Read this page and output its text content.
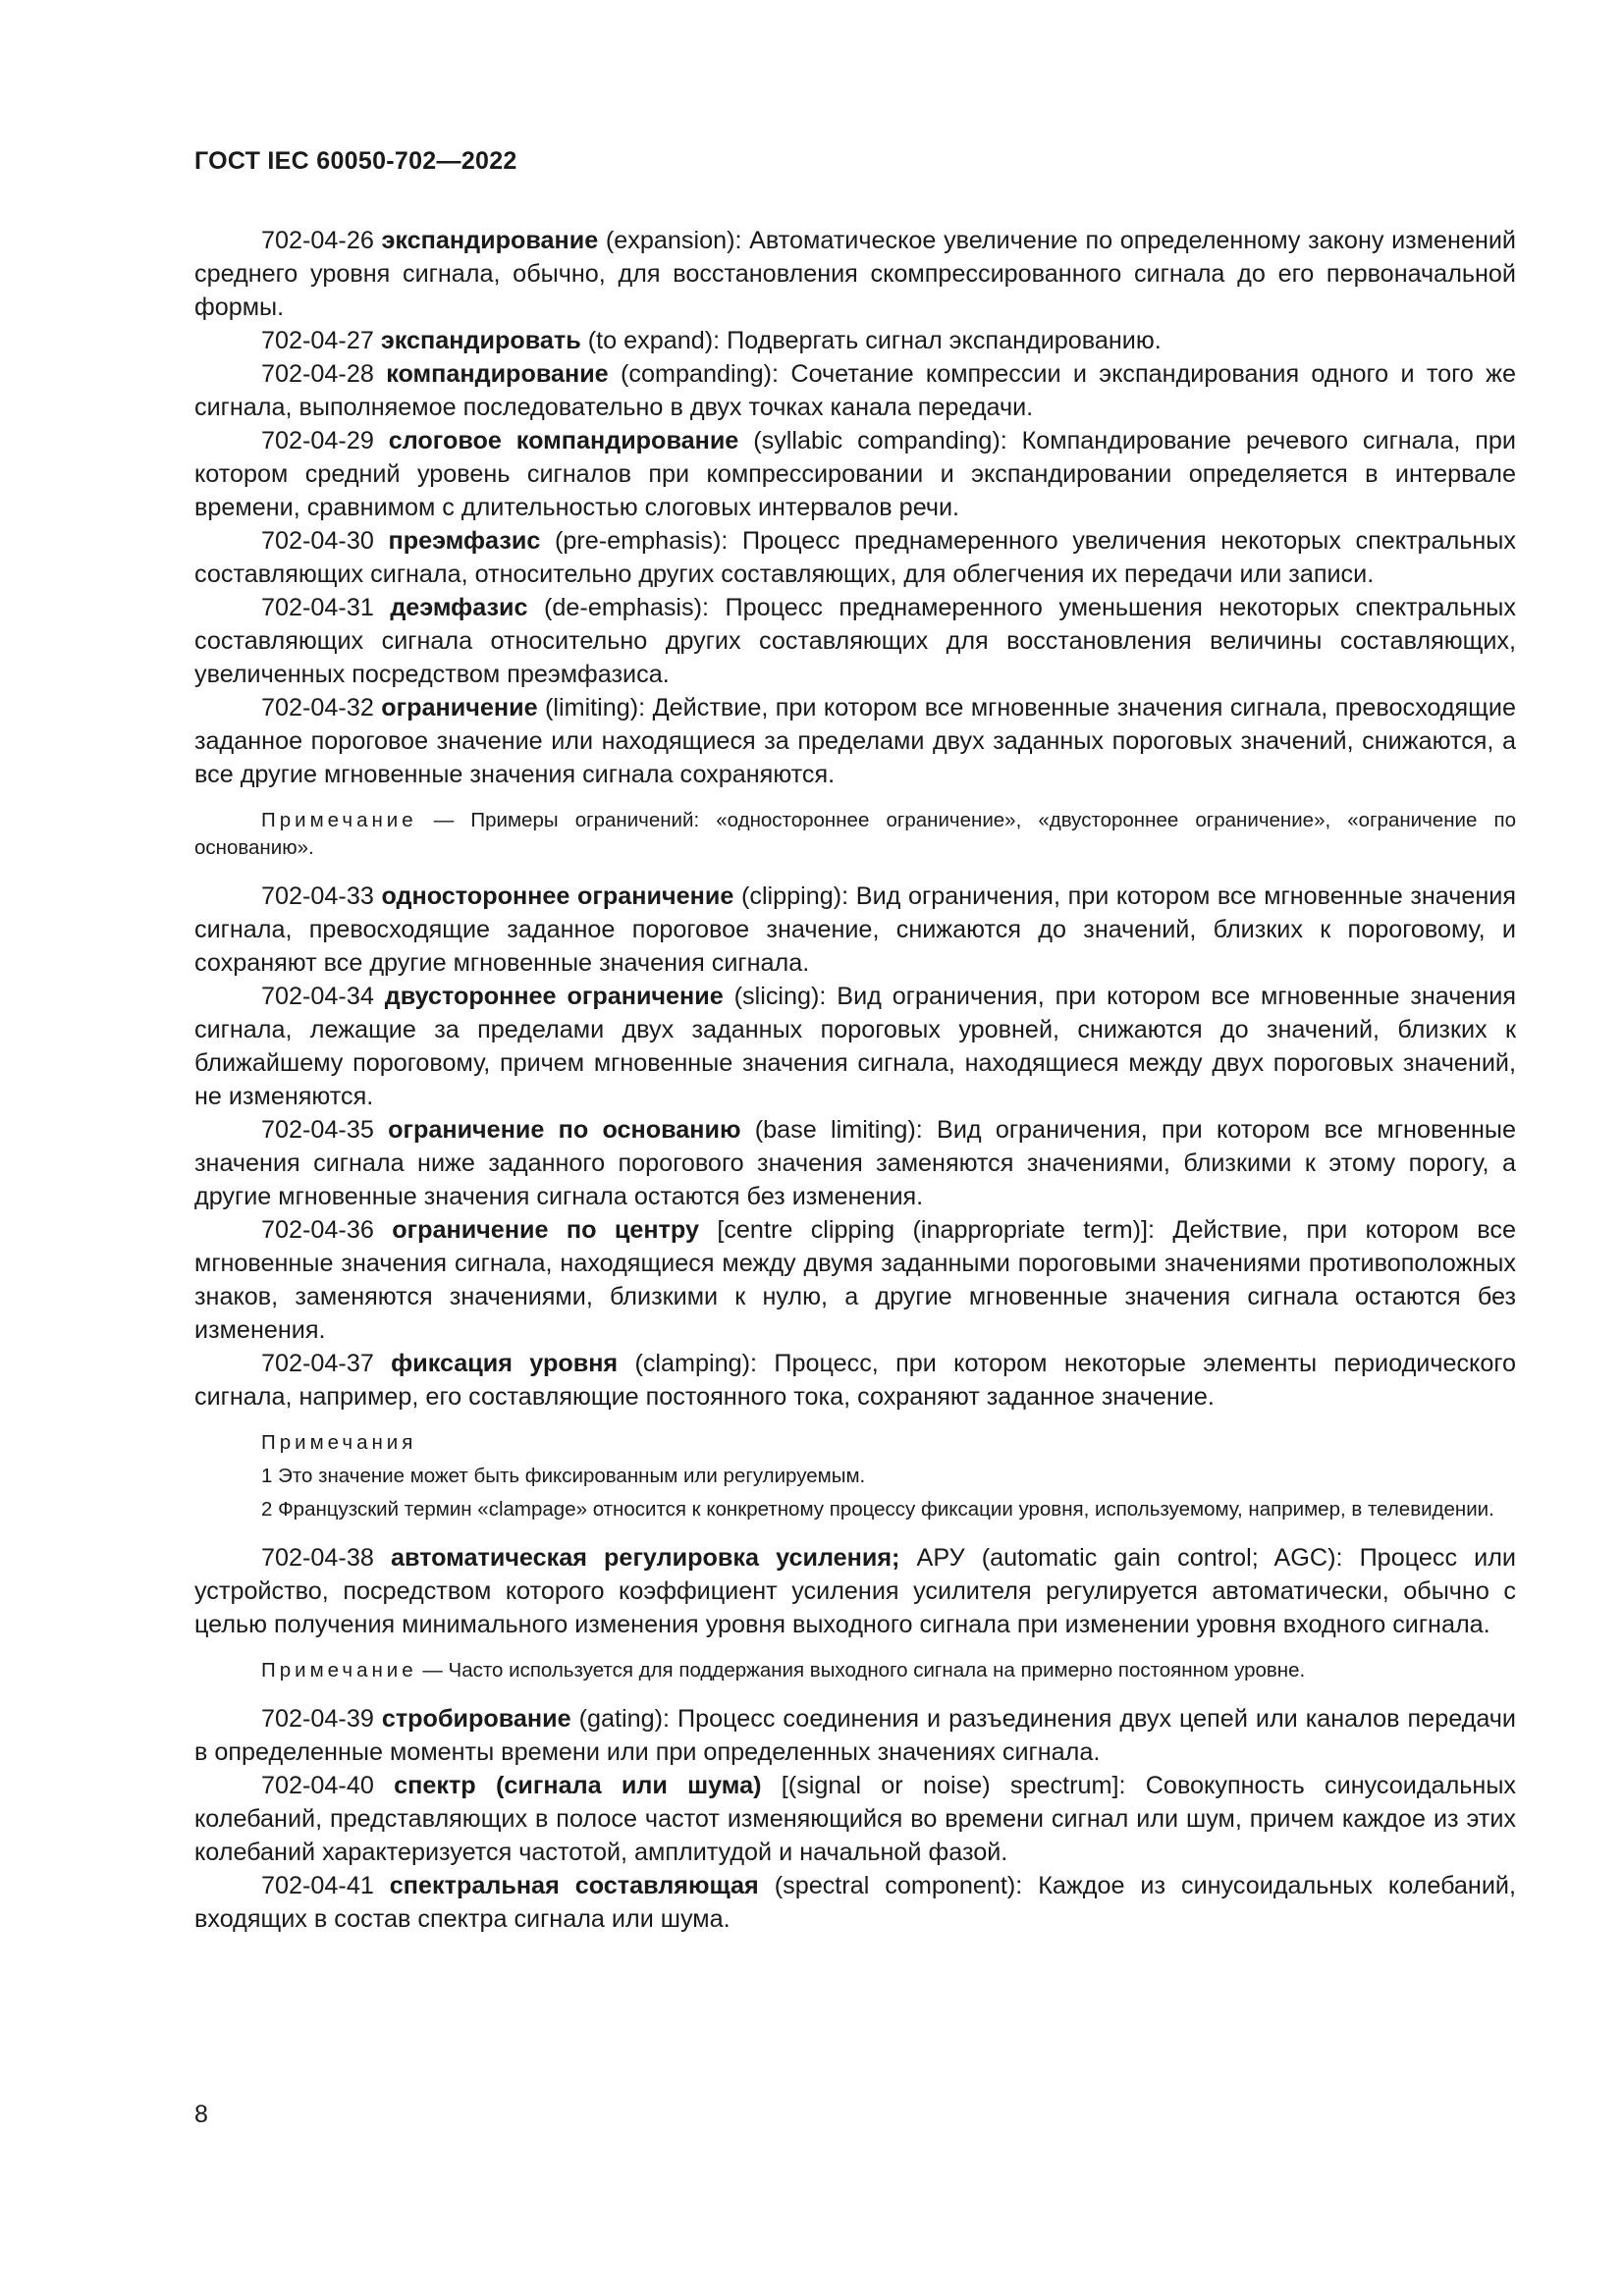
ГОСТ IEC 60050-702—2022

702-04-26 экспандирование (expansion): Автоматическое увеличение по определенному закону изменений среднего уровня сигнала, обычно, для восстановления скомпрессированного сигнала до его первоначальной формы.

702-04-27 экспандировать (to expand): Подвергать сигнал экспандированию.

702-04-28 компандирование (companding): Сочетание компрессии и экспандирования одного и того же сигнала, выполняемое последовательно в двух точках канала передачи.

702-04-29 слоговое компандирование (syllabic companding): Компандирование речевого сигнала, при котором средний уровень сигналов при компрессировании и экспандировании определяется в интервале времени, сравнимом с длительностью слоговых интервалов речи.

702-04-30 преэмфазис (pre-emphasis): Процесс преднамеренного увеличения некоторых спектральных составляющих сигнала, относительно других составляющих, для облегчения их передачи или записи.

702-04-31 деэмфазис (de-emphasis): Процесс преднамеренного уменьшения некоторых спектральных составляющих сигнала относительно других составляющих для восстановления величины составляющих, увеличенных посредством преэмфазиса.

702-04-32 ограничение (limiting): Действие, при котором все мгновенные значения сигнала, превосходящие заданное пороговое значение или находящиеся за пределами двух заданных пороговых значений, снижаются, а все другие мгновенные значения сигнала сохраняются.

Примечание — Примеры ограничений: «одностороннее ограничение», «двустороннее ограничение», «ограничение по основанию».

702-04-33 одностороннее ограничение (clipping): Вид ограничения, при котором все мгновенные значения сигнала, превосходящие заданное пороговое значение, снижаются до значений, близких к пороговому, и сохраняют все другие мгновенные значения сигнала.

702-04-34 двустороннее ограничение (slicing): Вид ограничения, при котором все мгновенные значения сигнала, лежащие за пределами двух заданных пороговых уровней, снижаются до значений, близких к ближайшему пороговому, причем мгновенные значения сигнала, находящиеся между двух пороговых значений, не изменяются.

702-04-35 ограничение по основанию (base limiting): Вид ограничения, при котором все мгновенные значения сигнала ниже заданного порогового значения заменяются значениями, близкими к этому порогу, а другие мгновенные значения сигнала остаются без изменения.

702-04-36 ограничение по центру [centre clipping (inappropriate term)]: Действие, при котором все мгновенные значения сигнала, находящиеся между двумя заданными пороговыми значениями противоположных знаков, заменяются значениями, близкими к нулю, а другие мгновенные значения сигнала остаются без изменения.

702-04-37 фиксация уровня (clamping): Процесс, при котором некоторые элементы периодического сигнала, например, его составляющие постоянного тока, сохраняют заданное значение.

Примечания

1 Это значение может быть фиксированным или регулируемым.

2 Французский термин «clampage» относится к конкретному процессу фиксации уровня, используемому, например, в телевидении.

702-04-38 автоматическая регулировка усиления; АРУ (automatic gain control; AGC): Процесс или устройство, посредством которого коэффициент усиления усилителя регулируется автоматически, обычно с целью получения минимального изменения уровня выходного сигнала при изменении уровня входного сигнала.

Примечание — Часто используется для поддержания выходного сигнала на примерно постоянном уровне.

702-04-39 стробирование (gating): Процесс соединения и разъединения двух цепей или каналов передачи в определенные моменты времени или при определенных значениях сигнала.

702-04-40 спектр (сигнала или шума) [(signal or noise) spectrum]: Совокупность синусоидальных колебаний, представляющих в полосе частот изменяющийся во времени сигнал или шум, причем каждое из этих колебаний характеризуется частотой, амплитудой и начальной фазой.

702-04-41 спектральная составляющая (spectral component): Каждое из синусоидальных колебаний, входящих в состав спектра сигнала или шума.

8
